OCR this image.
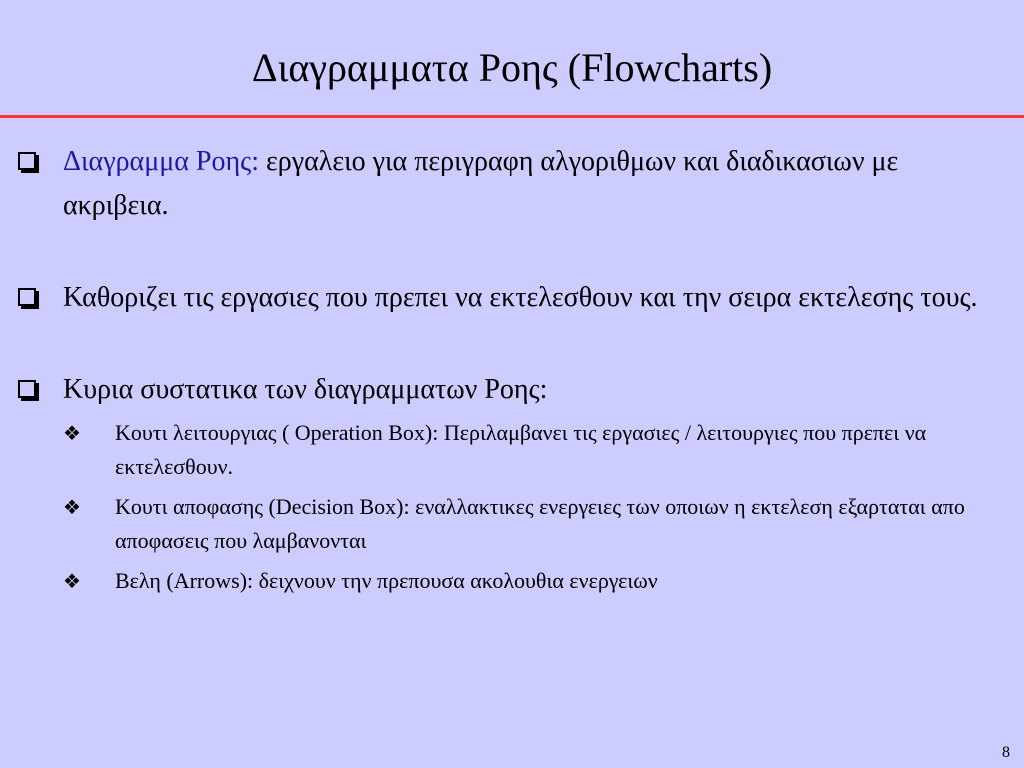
Διαγραμματα Ροης (Flowcharts)
Διαγραμμα Ροης: εργαλειο για περιγραφη αλγοριθμων και διαδικασιων με ακριβεια.
Καθοριζει τις εργασιες που πρεπει να εκτελεσθουν και την σειρα εκτελεσης τους.
Κυρια συστατικα των διαγραμματων Ροης:
❖ Κουτι λειτουργιας ( Operation Box): Περιλαμβανει τις εργασιες / λειτουργιες που πρεπει να εκτελεσθουν.
❖ Κουτι αποφασης (Decision Box): εναλλακτικες ενεργειες των οποιων η εκτελεση εξαρταται απο αποφασεις που λαμβανονται
❖ Βελη (Arrows): δειχνουν την πρεπουσα ακολουθια ενεργειων
8
